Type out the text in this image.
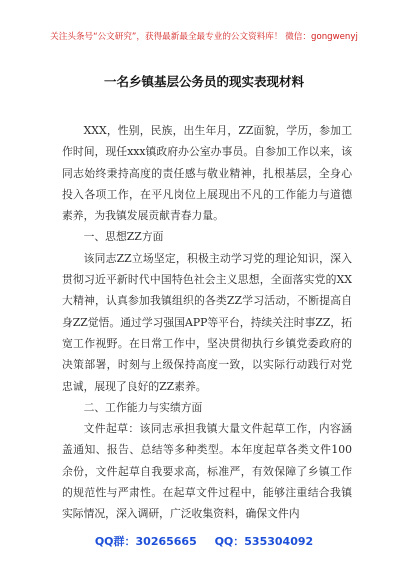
关注头条号“公文研究”，获得最新最全最专业的公文资料库！ 微信：gongwenyj
一名乡镇基层公务员的现实表现材料

XXX，性别，民族，出生年月，ZZ面貌，学历，参加工作时间，现任xxx镇政府办公室办事员。自参加工作以来，该同志始终秉持高度的责任感与敬业精神，扎根基层，全身心投入各项工作，在平凡岗位上展现出不凡的工作能力与道德素养，为我镇发展贡献青春力量。

一、思想ZZ方面

该同志ZZ立场坚定，积极主动学习党的理论知识，深入贯彻习近平新时代中国特色社会主义思想，全面落实党的XX大精神，认真参加我镇组织的各类ZZ学习活动，不断提高自身ZZ觉悟。通过学习强国APP等平台，持续关注时事ZZ，拓宽工作视野。在日常工作中，坚决贯彻执行乡镇党委政府的决策部署，时刻与上级保持高度一致，以实际行动践行对党忠诚，展现了良好的ZZ素养。

二、工作能力与实绩方面

文件起草：该同志承担我镇大量文件起草工作，内容涵盖通知、报告、总结等多种类型。本年度起草各类文件100余份，文件起草自我要求高，标准严，有效保障了乡镇工作的规范性与严肃性。在起草文件过程中，能够注重结合我镇实际情况，深入调研，广泛收集资料，确保文件内

QQ群：30265665 QQ：535304092
